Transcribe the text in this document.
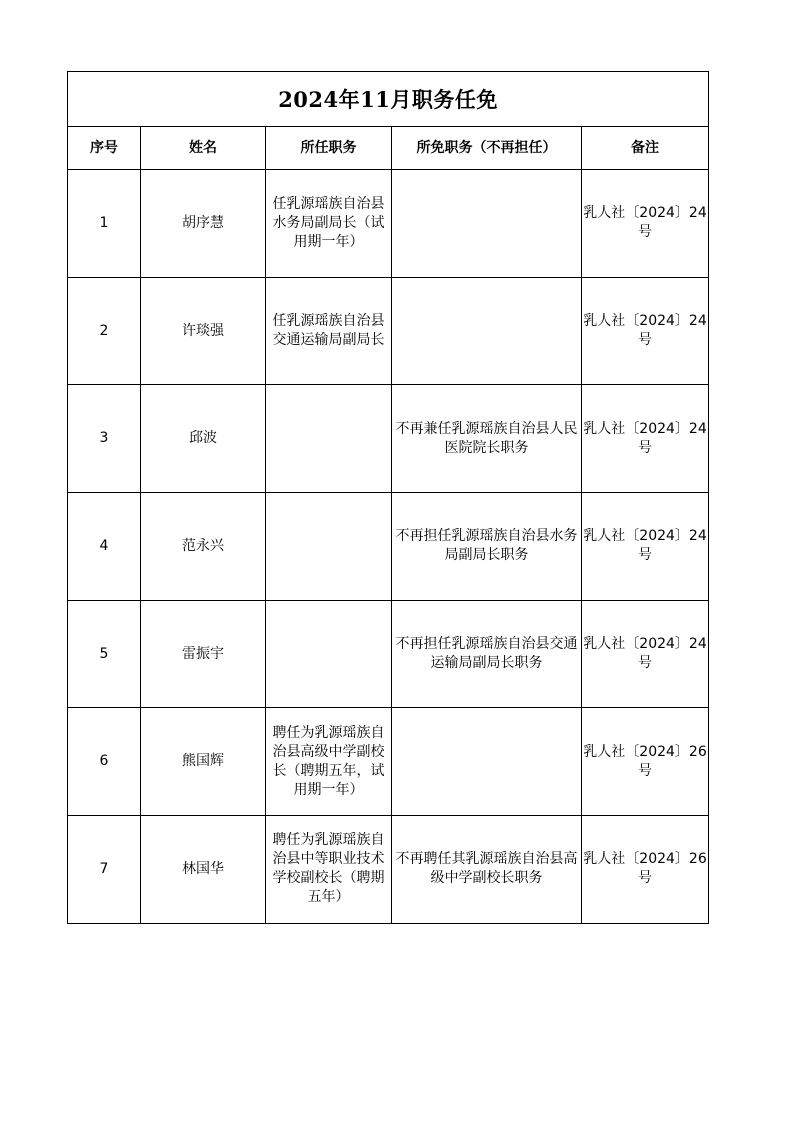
2024年11月职务任免				
序号	姓名	所任职务	所免职务（不再担任）	备注
1	胡序慧	任乳源瑶族自治县水务局副局长（试用期一年）		乳人社〔2024〕24号
2	许琰强	任乳源瑶族自治县交通运输局副局长		乳人社〔2024〕24号
3	邱波		不再兼任乳源瑶族自治县人民医院院长职务	乳人社〔2024〕24号
4	范永兴		不再担任乳源瑶族自治县水务局副局长职务	乳人社〔2024〕24号
5	雷振宇		不再担任乳源瑶族自治县交通运输局副局长职务	乳人社〔2024〕24号
6	熊国辉	聘任为乳源瑶族自治县高级中学副校长（聘期五年，试用期一年）		乳人社〔2024〕26号
7	林国华	聘任为乳源瑶族自治县中等职业技术学校副校长（聘期五年）	不再聘任其乳源瑶族自治县高级中学副校长职务	乳人社〔2024〕26号
